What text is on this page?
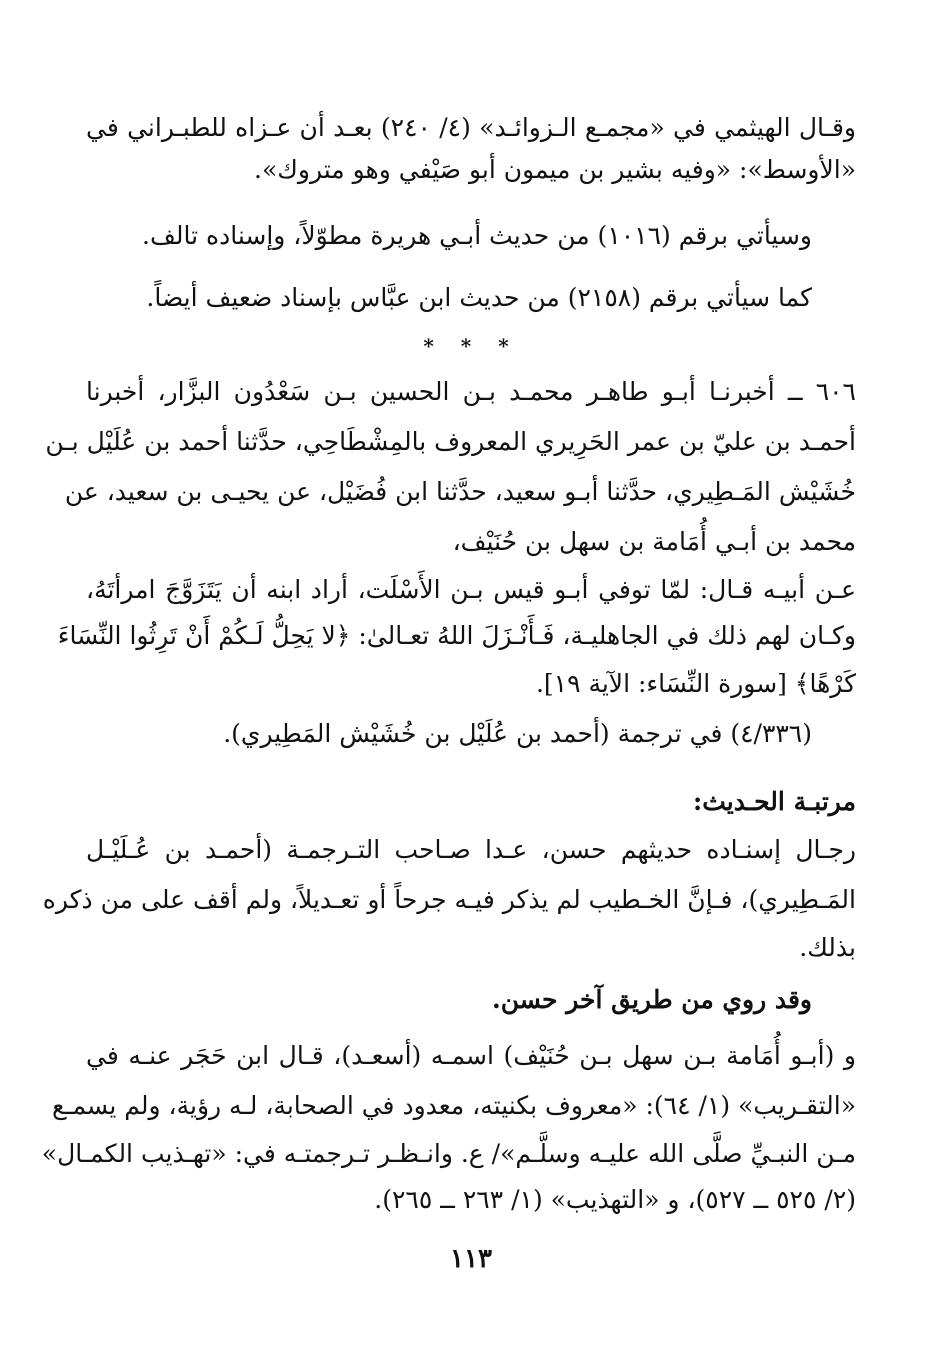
وقـال الهيثمي في «مجمـع الـزوائـد» (٤/ ٢٤٠) بعـد أن عـزاه للطبـراني في
«الأوسط»: «وفيه بشير بن ميمون أبو صَيْفي وهو متروك».
وسيأتي برقم (١٠١٦) من حديث أبـي هريرة مطوّلاً، وإسناده تالف.
كما سيأتي برقم (٢١٥٨) من حديث ابن عبَّاس بإسناد ضعيف أيضاً.
* * *
٦٠٦ ــ أخبرنـا أبـو طاهـر محمـد بـن الحسين بـن سَعْدُون البزَّار، أخبرنا
أحمـد بن عليّ بن عمر الحَرِيري المعروف بالمِشْطَاحِي، حدَّثنا أحمد بن عُلَيْل بـن
خُشَيْش المَـطِيري، حدَّثنا أبـو سعيد، حدَّثنا ابن فُضَيْل، عن يحيـى بن سعيد، عن
محمد بن أبـي أُمَامة بن سهل بن حُنَيْف،
عـن أبيـه قـال: لمّا توفي أبـو قيس بـن الأَسْلَت، أراد ابنه أن يَتَزَوَّجَ امرأتَهُ،
وكـان لهم ذلك في الجاهليـة، فَـأَنْـزَلَ اللهُ تعـالىٰ: ﴿لا يَحِلُّ لَـكُمْ أَنْ تَرِثُوا النِّسَاءَ
كَرْهًا﴾ [سورة النِّسَاء: الآية ١٩].
(٤/٣٣٦) في ترجمة (أحمد بن عُلَيْل بن خُشَيْش المَطِيري).
مرتبـة الحـديث:
رجـال إسنـاده حديثهم حسن، عـدا صـاحب التـرجمـة (أحمـد بن عُـلَيْـل
المَـطِيري)، فـإنَّ الخـطيب لم يذكر فيـه جرحاً أو تعـديلاً، ولم أقف على من ذكره
بذلك.
وقد روي من طريق آخر حسن.
و (أبـو أُمَامة بـن سهل بـن حُنَيْف) اسمـه (أسعـد)، قـال ابن حَجَر عنـه في
«التقـريب» (١/ ٦٤): «معروف بكنيته، معدود في الصحابة، لـه رؤية، ولم يسمـع
مـن النبـيِّ صلَّى الله عليـه وسلَّـم»/ ع. وانـظـر تـرجمتـه في: «تهـذيب الكمـال»
(٢/ ٥٢٥ ــ ٥٢٧)، و «التهذيب» (١/ ٢٦٣ ــ ٢٦٥).
١١٣
